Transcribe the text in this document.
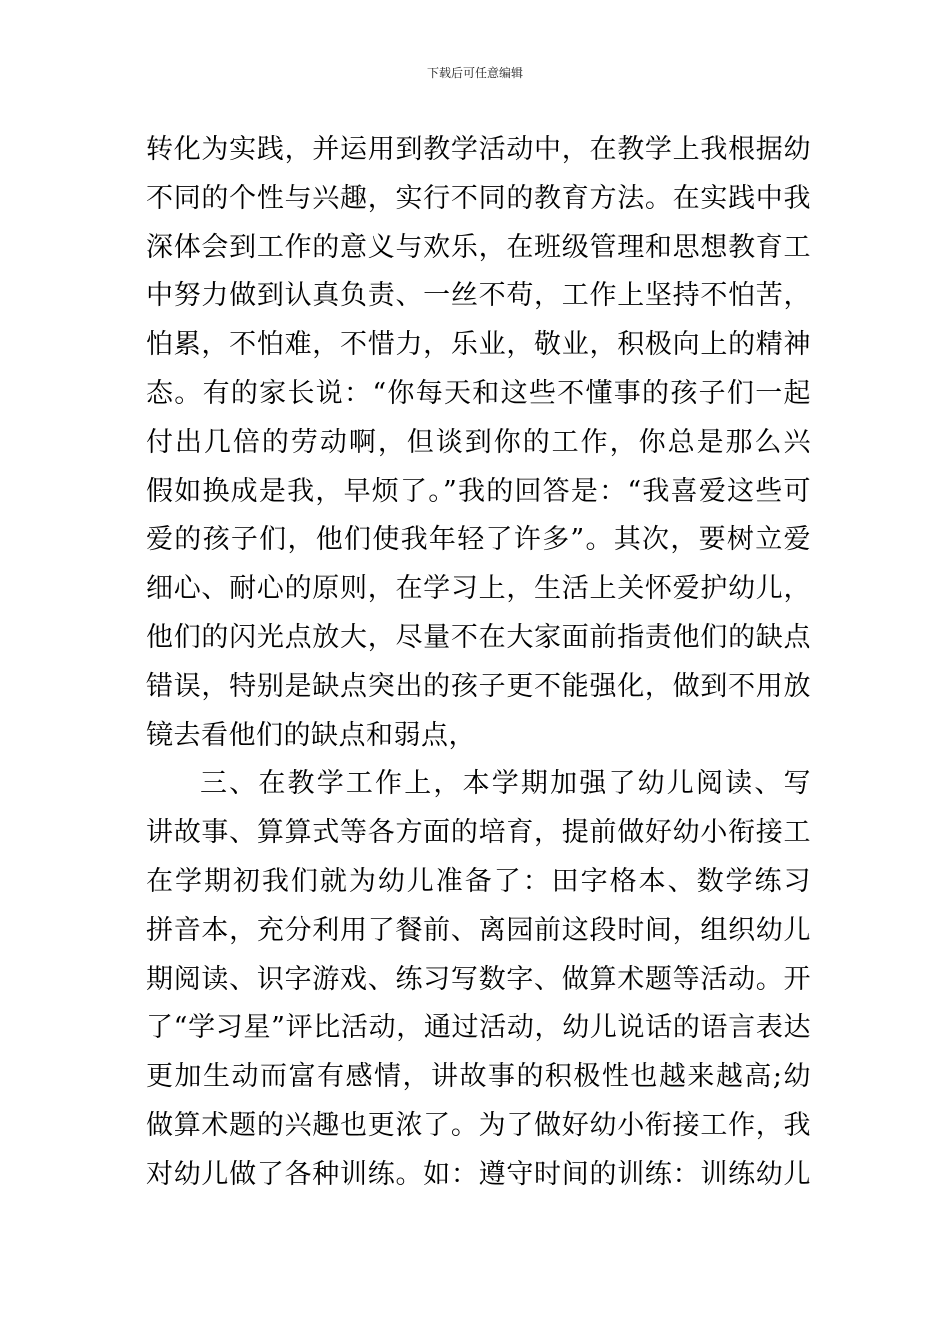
下载后可任意编辑
转化为实践，并运用到教学活动中，在教学上我根据幼
不同的个性与兴趣，实行不同的教育方法。在实践中我
深体会到工作的意义与欢乐，在班级管理和思想教育工
中努力做到认真负责、一丝不苟，工作上坚持不怕苦，
怕累，不怕难，不惜力，乐业，敬业，积极向上的精神
态。有的家长说：“你每天和这些不懂事的孩子们一起
付出几倍的劳动啊，但谈到你的工作，你总是那么兴
假如换成是我，早烦了。”我的回答是：“我喜爱这些可
爱的孩子们，他们使我年轻了许多”。其次，要树立爱
细心、耐心的原则，在学习上，生活上关怀爱护幼儿，
他们的闪光点放大，尽量不在大家面前指责他们的缺点
错误，特别是缺点突出的孩子更不能强化，做到不用放
镜去看他们的缺点和弱点，
三、在教学工作上，本学期加强了幼儿阅读、写
讲故事、算算式等各方面的培育，提前做好幼小衔接工
在学期初我们就为幼儿准备了：田字格本、数学练习
拼音本，充分利用了餐前、离园前这段时间，组织幼儿
期阅读、识字游戏、练习写数字、做算术题等活动。开
了“学习星”评比活动，通过活动，幼儿说话的语言表达
更加生动而富有感情，讲故事的积极性也越来越高;幼
做算术题的兴趣也更浓了。为了做好幼小衔接工作，我
对幼儿做了各种训练。如：遵守时间的训练：训练幼儿
